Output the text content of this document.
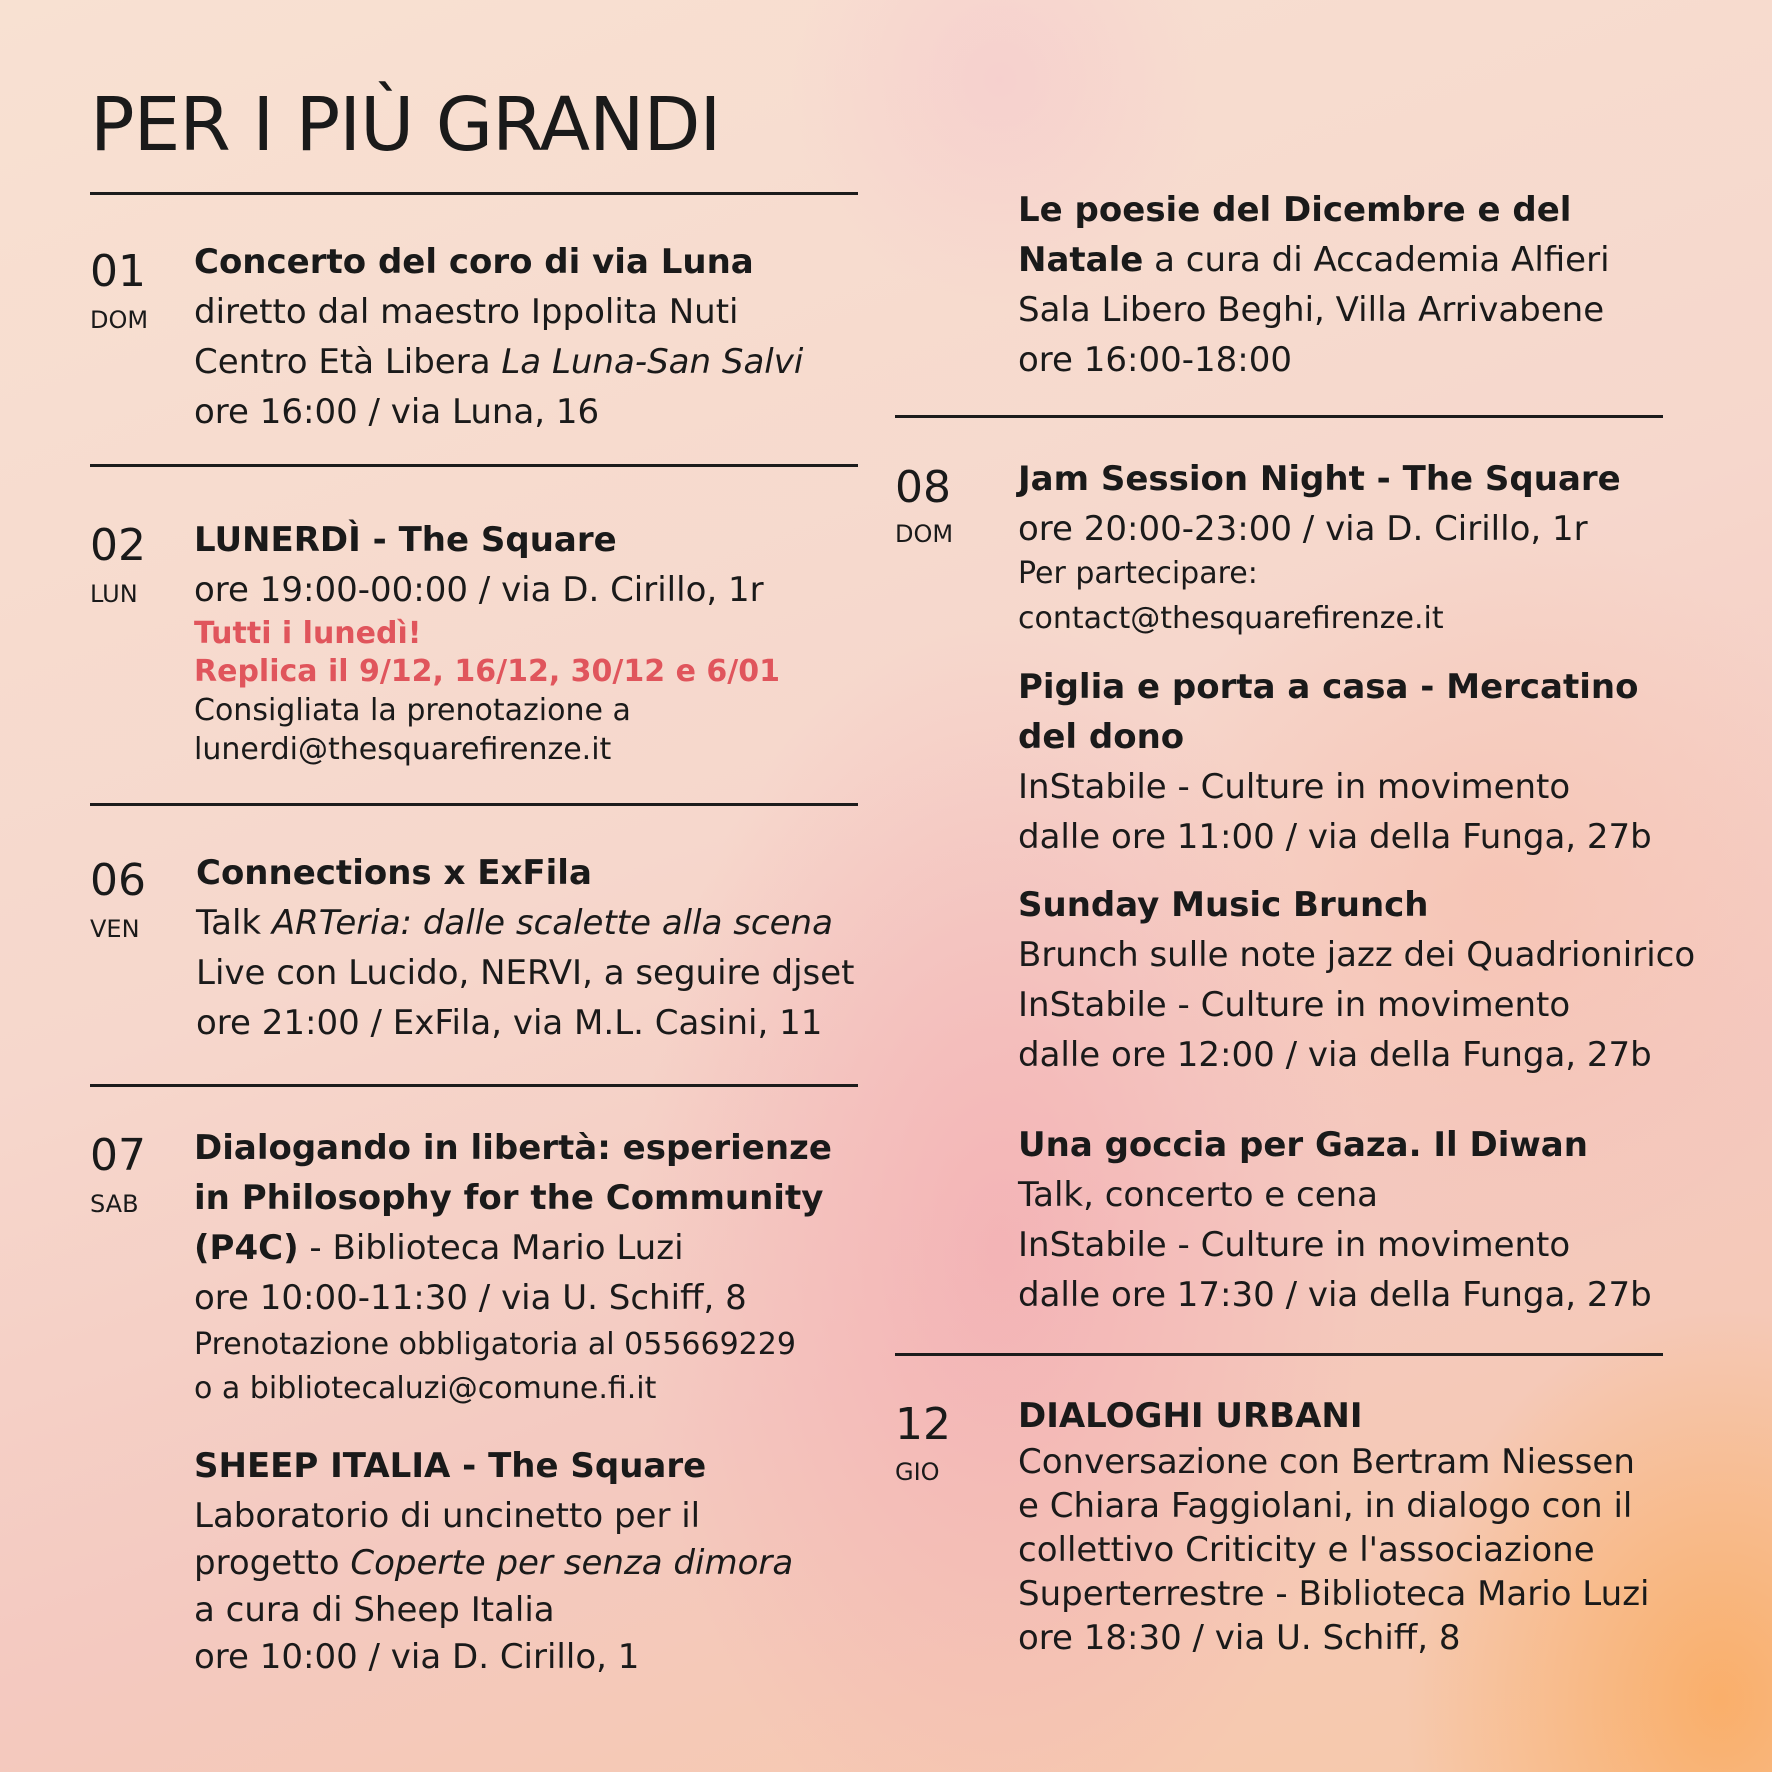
PER I PIÙ GRANDI
01
DOM
Concerto del coro di via Luna
diretto dal maestro Ippolita Nuti
Centro Età Libera La Luna-San Salvi
ore 16:00 / via Luna, 16
02
LUN
LUNERDÌ - The Square
ore 19:00-00:00 / via D. Cirillo, 1r
Tutti i lunedì!
Replica il 9/12, 16/12, 30/12 e 6/01
Consigliata la prenotazione a
lunerdi@thesquarefirenze.it
06
VEN
Connections x ExFila
Talk ARTeria: dalle scalette alla scena
Live con Lucido, NERVI, a seguire djset
ore 21:00 / ExFila, via M.L. Casini, 11
07
SAB
Dialogando in libertà: esperienze
in Philosophy for the Community
(P4C) - Biblioteca Mario Luzi
ore 10:00-11:30 / via U. Schiff, 8
Prenotazione obbligatoria al 055669229
o a bibliotecaluzi@comune.fi.it
SHEEP ITALIA - The Square
Laboratorio di uncinetto per il
progetto Coperte per senza dimora
a cura di Sheep Italia
ore 10:00 / via D. Cirillo, 1
Le poesie del Dicembre e del
Natale a cura di Accademia Alfieri
Sala Libero Beghi, Villa Arrivabene
ore 16:00-18:00
08
DOM
Jam Session Night - The Square
ore 20:00-23:00 / via D. Cirillo, 1r
Per partecipare:
contact@thesquarefirenze.it
Piglia e porta a casa - Mercatino
del dono
InStabile - Culture in movimento
dalle ore 11:00 / via della Funga, 27b
Sunday Music Brunch
Brunch sulle note jazz dei Quadrionirico
InStabile - Culture in movimento
dalle ore 12:00 / via della Funga, 27b
Una goccia per Gaza. Il Diwan
Talk, concerto e cena
InStabile - Culture in movimento
dalle ore 17:30 / via della Funga, 27b
12
GIO
DIALOGHI URBANI
Conversazione con Bertram Niessen
e Chiara Faggiolani, in dialogo con il
collettivo Criticity e l'associazione
Superterrestre - Biblioteca Mario Luzi
ore 18:30 / via U. Schiff, 8
